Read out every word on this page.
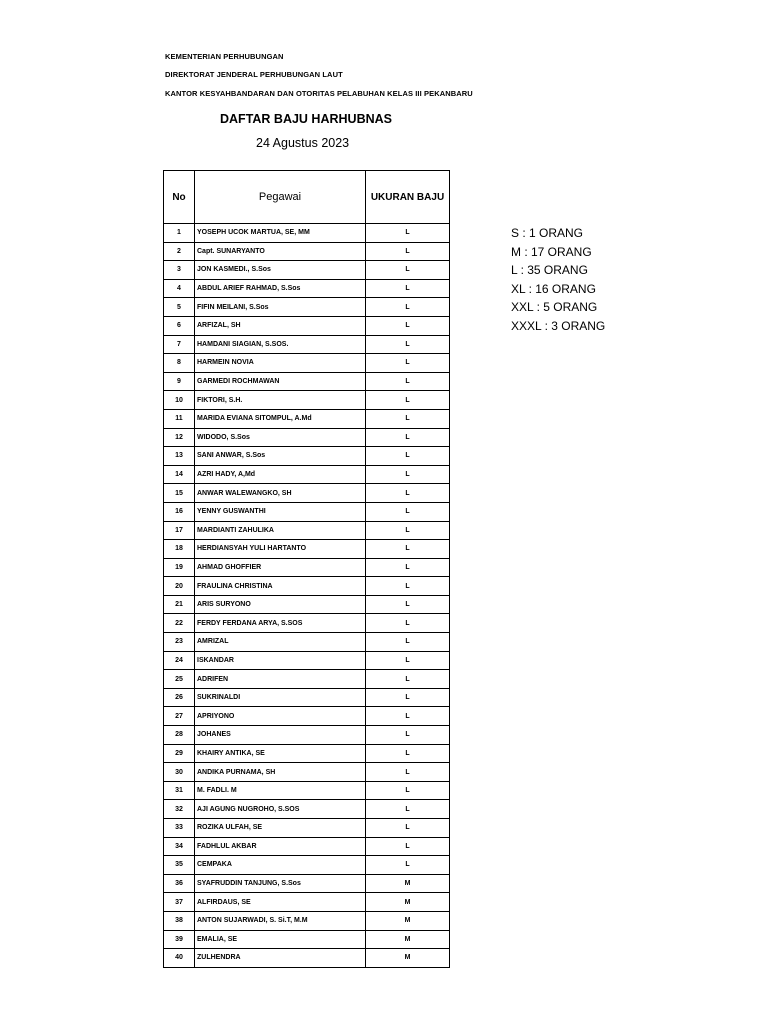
KEMENTERIAN PERHUBUNGAN
DIREKTORAT JENDERAL PERHUBUNGAN LAUT
KANTOR KESYAHBANDARAN DAN OTORITAS PELABUHAN KELAS III PEKANBARU
DAFTAR BAJU HARHUBNAS
24 Agustus 2023
No	Pegawai	UKURAN BAJU
1	YOSEPH UCOK MARTUA, SE, MM	L
2	Capt. SUNARYANTO	L
3	JON KASMEDI., S.Sos	L
4	ABDUL ARIEF RAHMAD, S.Sos	L
5	FIFIN MEILANI, S.Sos	L
6	ARFIZAL, SH	L
7	HAMDANI SIAGIAN, S.SOS.	L
8	HARMEIN NOVIA	L
9	GARMEDI ROCHMAWAN	L
10	FIKTORI, S.H.	L
11	MARIDA EVIANA SITOMPUL, A.Md	L
12	WIDODO, S.Sos	L
13	SANI ANWAR, S.Sos	L
14	AZRI HADY, A,Md	L
15	ANWAR WALEWANGKO, SH	L
16	YENNY GUSWANTHI	L
17	MARDIANTI ZAHULIKA	L
18	HERDIANSYAH YULI HARTANTO	L
19	AHMAD GHOFFIER	L
20	FRAULINA CHRISTINA	L
21	ARIS SURYONO	L
22	FERDY FERDANA ARYA, S.SOS	L
23	AMRIZAL	L
24	ISKANDAR	L
25	ADRIFEN	L
26	SUKRINALDI	L
27	APRIYONO	L
28	JOHANES	L
29	KHAIRY ANTIKA, SE	L
30	ANDIKA PURNAMA, SH	L
31	M. FADLI. M	L
32	AJI AGUNG NUGROHO, S.SOS	L
33	ROZIKA ULFAH, SE	L
34	FADHLUL AKBAR	L
35	CEMPAKA	L
36	SYAFRUDDIN TANJUNG, S.Sos	M
37	ALFIRDAUS, SE	M
38	ANTON SUJARWADI, S. Si.T, M.M	M
39	EMALIA, SE	M
40	ZULHENDRA	M
S : 1 ORANG
M : 17 ORANG
L : 35 ORANG
XL : 16 ORANG
XXL : 5 ORANG
XXXL : 3 ORANG
